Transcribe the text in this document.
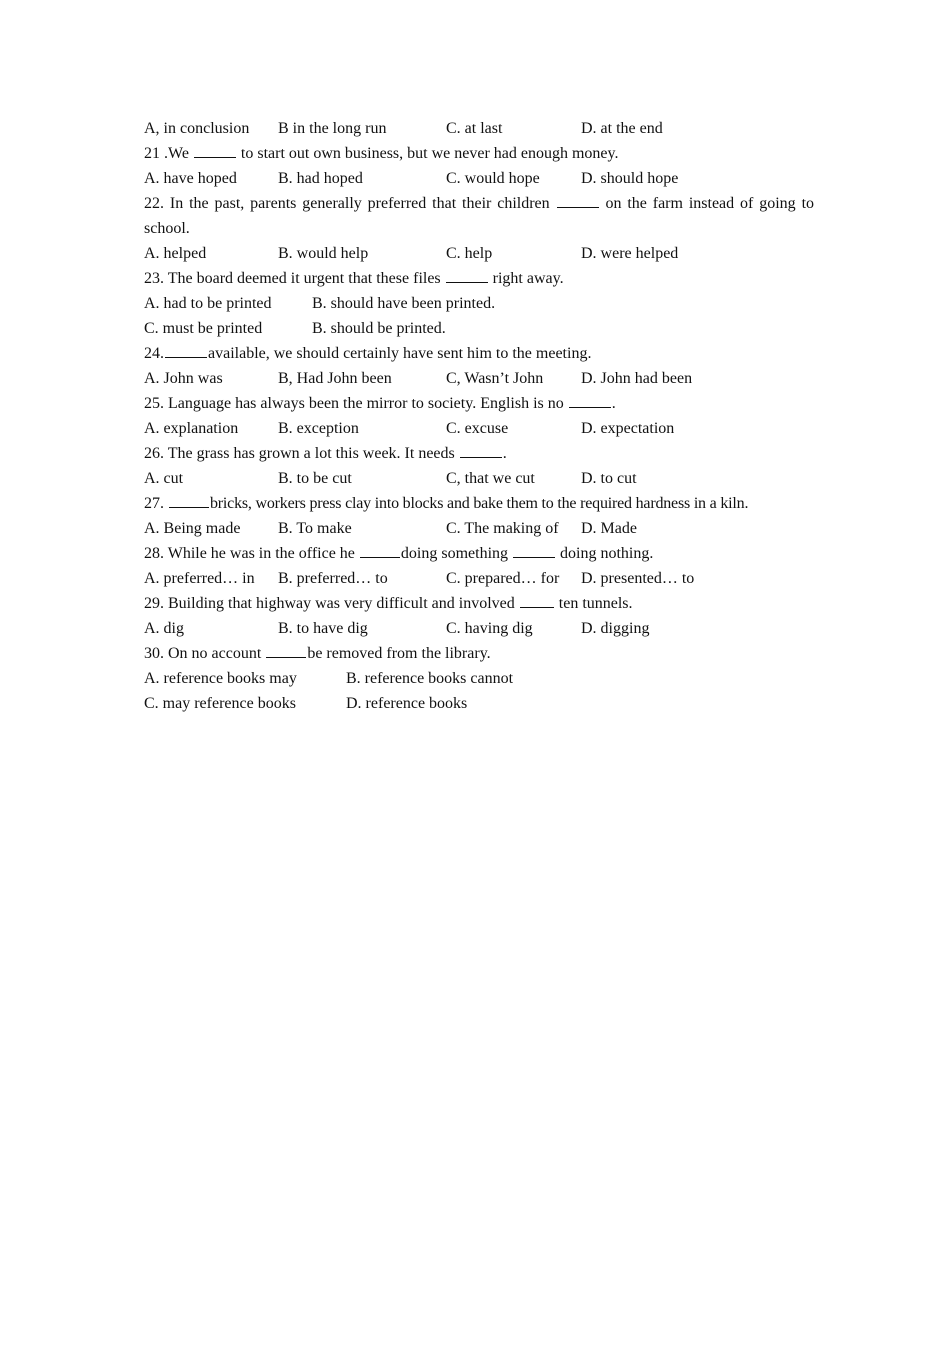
A, in conclusion B in the long run	C. at last	D. at the end
21 .We	to start out own business, but we never had enough money.
A. have hoped	B. had hoped	C. would hope	D. should hope
22. In the past, parents generally preferred that their children	on the farm instead of going to school.
A. helped	B. would help	C. help	D. were helped
23. The board deemed it urgent that these files	right away.
A. had to be printed	B. should have been printed.
C. must be printed	B. should be printed.
24.	available, we should certainly have sent him to the meeting.
A. John was	B, Had John been	C, Wasn’t John D. John had been
25. Language has always been the mirror to society. English is no	.
A. explanation B. exception	C. excuse	D. expectation
26. The grass has grown a lot this week. It needs	.
A. cut	B. to be cut	C, that we cut	D. to cut
27.	bricks, workers press clay into blocks and bake them to the required hardness in a kiln.
A. Being made B. To make	C. The making of D. Made
28. While he was in the office he	doing something	doing nothing.
A. preferred… in B. preferred… to	C. prepared… for D. presented… to
29. Building that highway was very difficult and involved	ten tunnels.
A. dig	B. to have dig	C. having dig	D. digging
30. On no account	be removed from the library.
A. reference books may	B. reference books cannot
C. may reference books	D. reference books
